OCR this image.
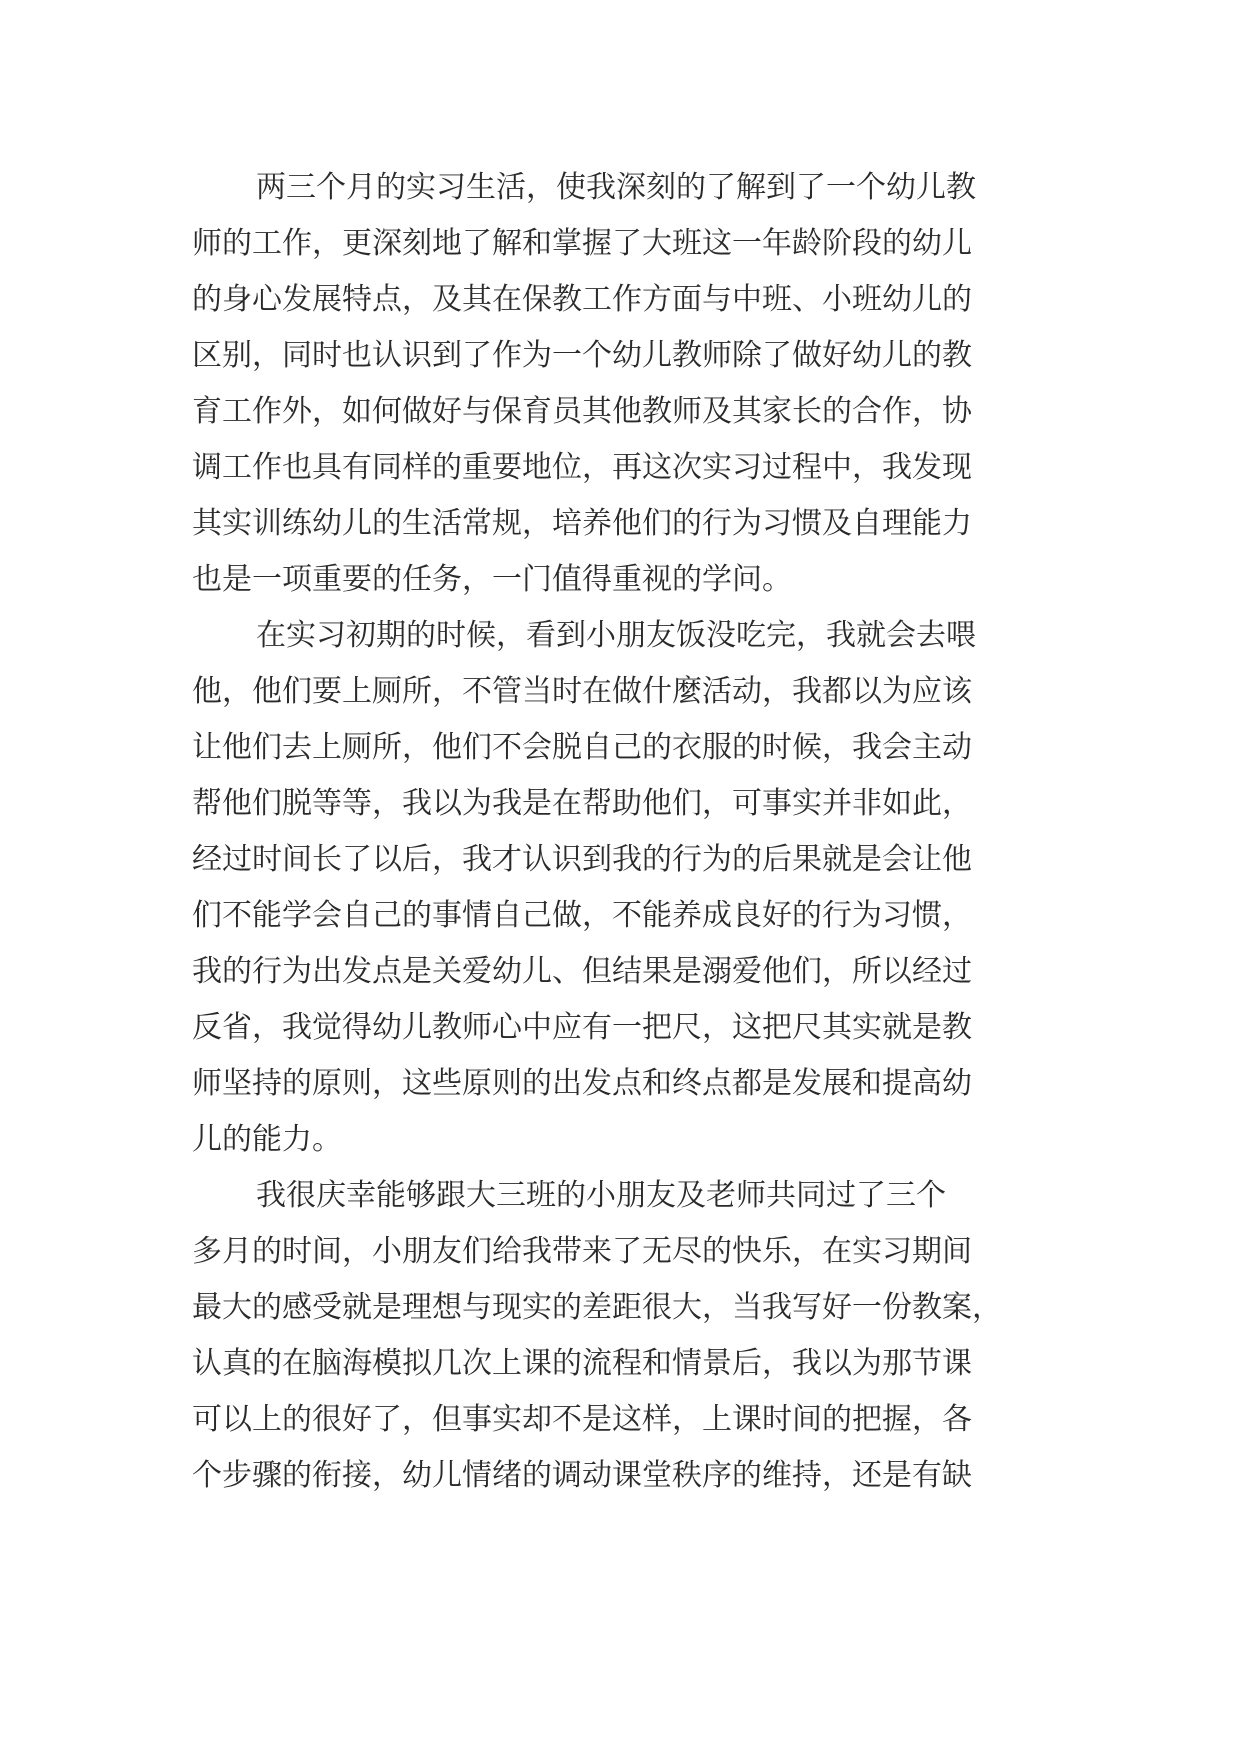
两三个月的实习生活，使我深刻的了解到了一个幼儿教
师的工作，更深刻地了解和掌握了大班这一年龄阶段的幼儿
的身心发展特点，及其在保教工作方面与中班、小班幼儿的
区别，同时也认识到了作为一个幼儿教师除了做好幼儿的教
育工作外，如何做好与保育员其他教师及其家长的合作，协
调工作也具有同样的重要地位，再这次实习过程中，我发现
其实训练幼儿的生活常规，培养他们的行为习惯及自理能力
也是一项重要的任务，一门值得重视的学问。
在实习初期的时候，看到小朋友饭没吃完，我就会去喂
他，他们要上厕所，不管当时在做什麼活动，我都以为应该
让他们去上厕所，他们不会脱自己的衣服的时候，我会主动
帮他们脱等等，我以为我是在帮助他们，可事实并非如此，
经过时间长了以后，我才认识到我的行为的后果就是会让他
们不能学会自己的事情自己做，不能养成良好的行为习惯，
我的行为出发点是关爱幼儿、但结果是溺爱他们，所以经过
反省，我觉得幼儿教师心中应有一把尺，这把尺其实就是教
师坚持的原则，这些原则的出发点和终点都是发展和提高幼
儿的能力。
我很庆幸能够跟大三班的小朋友及老师共同过了三个
多月的时间，小朋友们给我带来了无尽的快乐，在实习期间
最大的感受就是理想与现实的差距很大，当我写好一份教案，
认真的在脑海模拟几次上课的流程和情景后，我以为那节课
可以上的很好了，但事实却不是这样，上课时间的把握，各
个步骤的衔接，幼儿情绪的调动课堂秩序的维持，还是有缺
